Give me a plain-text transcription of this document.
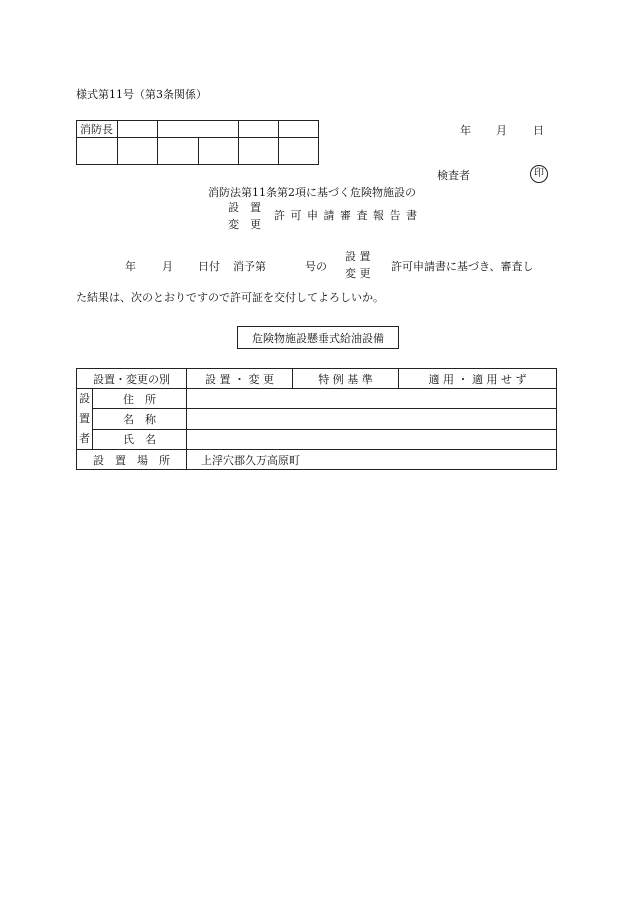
様式第11号（第3条関係）
消防長					
						年 月 日
検査者	印
消防法第11条第2項に基づく危険物施設の
設　置
変　更
許可申請審査報告書
年 月 日付 消予第	号の
設 置
変 更
許可申請書に基づき、審査し
た結果は、次のとおりですので許可証を交付してよろしいか。
危険物施設懸垂式給油設備
設置・変更の別		設 置 ・ 変 更	特 例 基 準	適 用 ・ 適 用 せ ず

設
置
者	住　所			
	名　称			
	氏　名			
設　置　場　所		上浮穴郡久万高原町		
